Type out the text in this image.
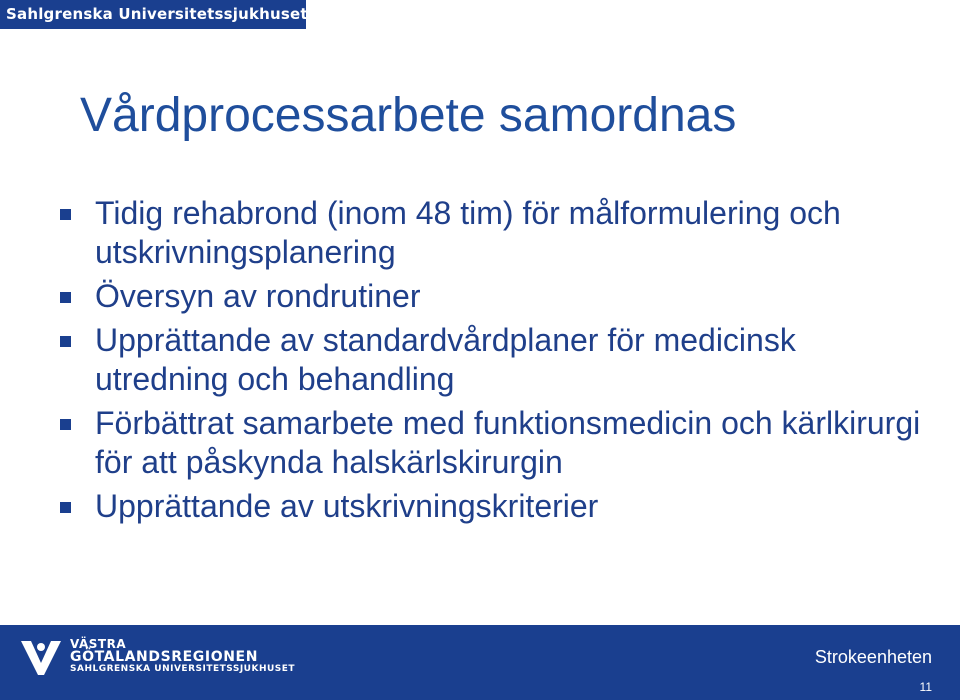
Sahlgrenska Universitetssjukhuset
Vårdprocessarbete samordnas
Tidig rehabrond (inom 48 tim) för målformulering och utskrivningsplanering
Översyn av rondrutiner
Upprättande av standardvårdplaner för medicinsk utredning och behandling
Förbättrat samarbete med funktionsmedicin och kärlkirurgi för att påskynda halskärlskirurgin
Upprättande av utskrivningskriterier
VÄSTRA
GÖTALANDSREGIONEN
SAHLGRENSKA UNIVERSITETSSJUKHUSET
Strokeenheten
11
